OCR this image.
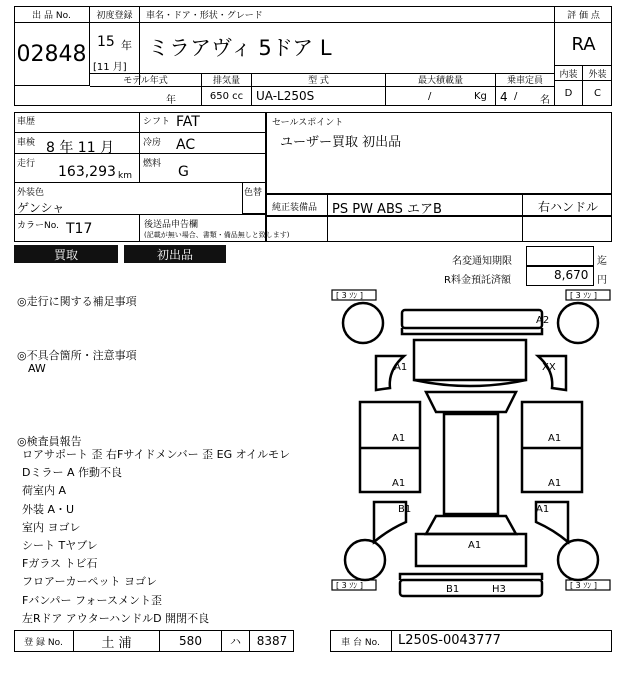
出 品 No.
02848
初度登録
15 年
[11 月]
車名・ドア・形状・グレード
ミラアヴィ 5ドア L
評 価 点
RA
内装	外装
D	C
モデル年式
年
排気量
650 cc
型 式
UA-L250S
最大積載量
/	Kg
乗車定員
4 / 名
車歴	シフト FAT
車検 8 年 11 月	冷房 AC
走行 163,293 km
燃料 G
外装色
ゲンシャ
色替
カラーNo. T17	後送品申告欄
(記載が無い場合、書類・備品無しと致します)
セールスポイント
ユーザー買取 初出品
純正装備品 PS PW ABS エアB	右ハンドル
買取	初出品	名変通知期限	迄
R料金預託済額	8,670 円
◎走行に関する補足事項
◎不具合箇所・注意事項
AW
◎検査員報告
ロアサポート 歪 右Fサイドメンバー 歪 EG オイルモレ
Dミラー A 作動不良
荷室内 A
外装 A・U
室内 ヨゴレ
シート Tヤブレ
Fガラス トビ石
フロアーカーペット ヨゴレ
Fバンパー フォースメント歪
左Rドア アウターハンドルD 開閉不良
[ 3 ｿﾝ ]	[ 3 ｿﾝ ]
[ 3 ｿﾝ ]	[ 3 ｿﾝ ]
A2
A1	XX
A1	A1
A1	A1
B1	A1
A1
B1	H3
登 録 No.	土 浦	580	ハ	8387	車 台 No.	L250S-0043777
